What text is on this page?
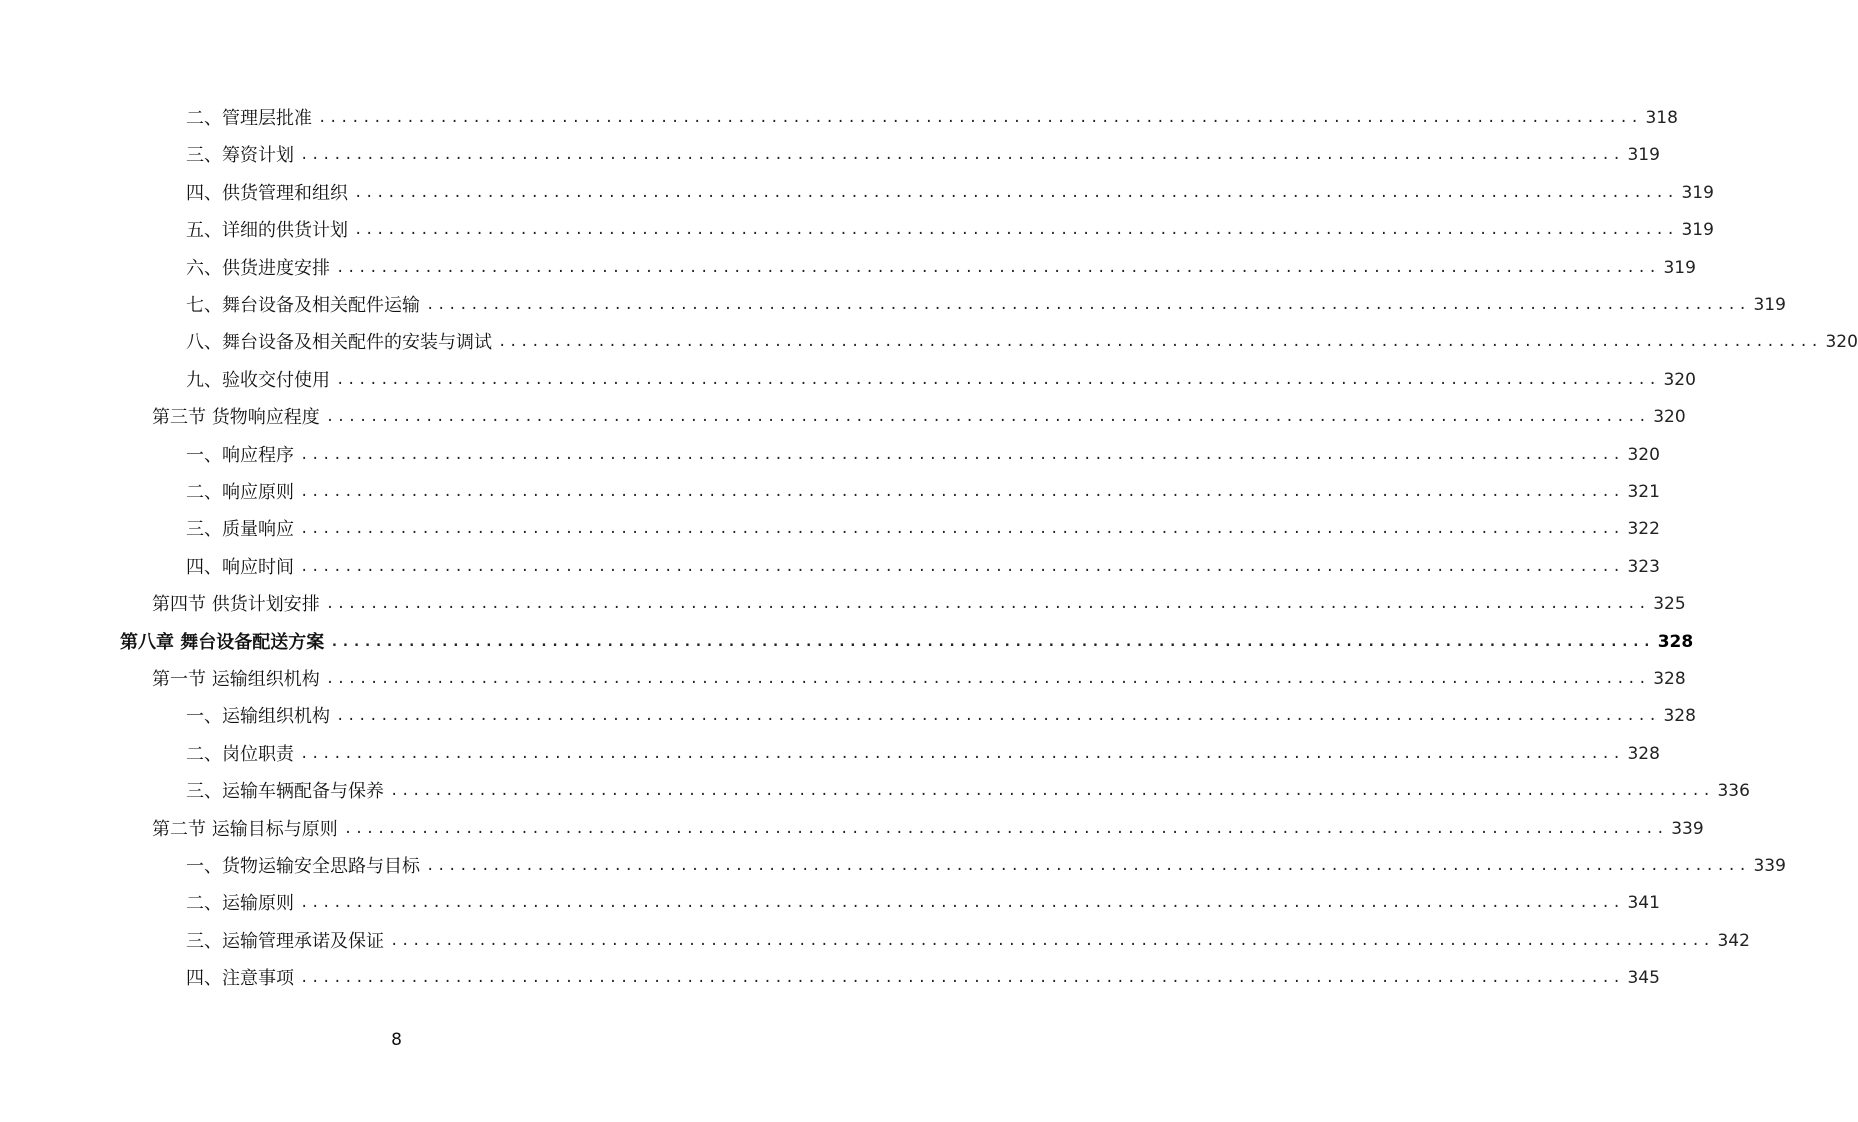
二、管理层批准 ........................................................................................................................ 318
三、筹资计划 ........................................................................................................................ 319
四、供货管理和组织 ........................................................................................................................ 319
五、详细的供货计划 ........................................................................................................................ 319
六、供货进度安排 ........................................................................................................................ 319
七、舞台设备及相关配件运输 ........................................................................................................................ 319
八、舞台设备及相关配件的安装与调试 ........................................................................................................................ 320
九、验收交付使用 ........................................................................................................................ 320
第三节 货物响应程度 ........................................................................................................................ 320
一、响应程序 ........................................................................................................................ 320
二、响应原则 ........................................................................................................................ 321
三、质量响应 ........................................................................................................................ 322
四、响应时间 ........................................................................................................................ 323
第四节 供货计划安排 ........................................................................................................................ 325
第八章 舞台设备配送方案 ........................................................................................................................ 328
第一节 运输组织机构 ........................................................................................................................ 328
一、运输组织机构 ........................................................................................................................ 328
二、岗位职责 ........................................................................................................................ 328
三、运输车辆配备与保养 ........................................................................................................................ 336
第二节 运输目标与原则 ........................................................................................................................ 339
一、货物运输安全思路与目标 ........................................................................................................................ 339
二、运输原则 ........................................................................................................................ 341
三、运输管理承诺及保证 ........................................................................................................................ 342
四、注意事项 ........................................................................................................................ 345
8
